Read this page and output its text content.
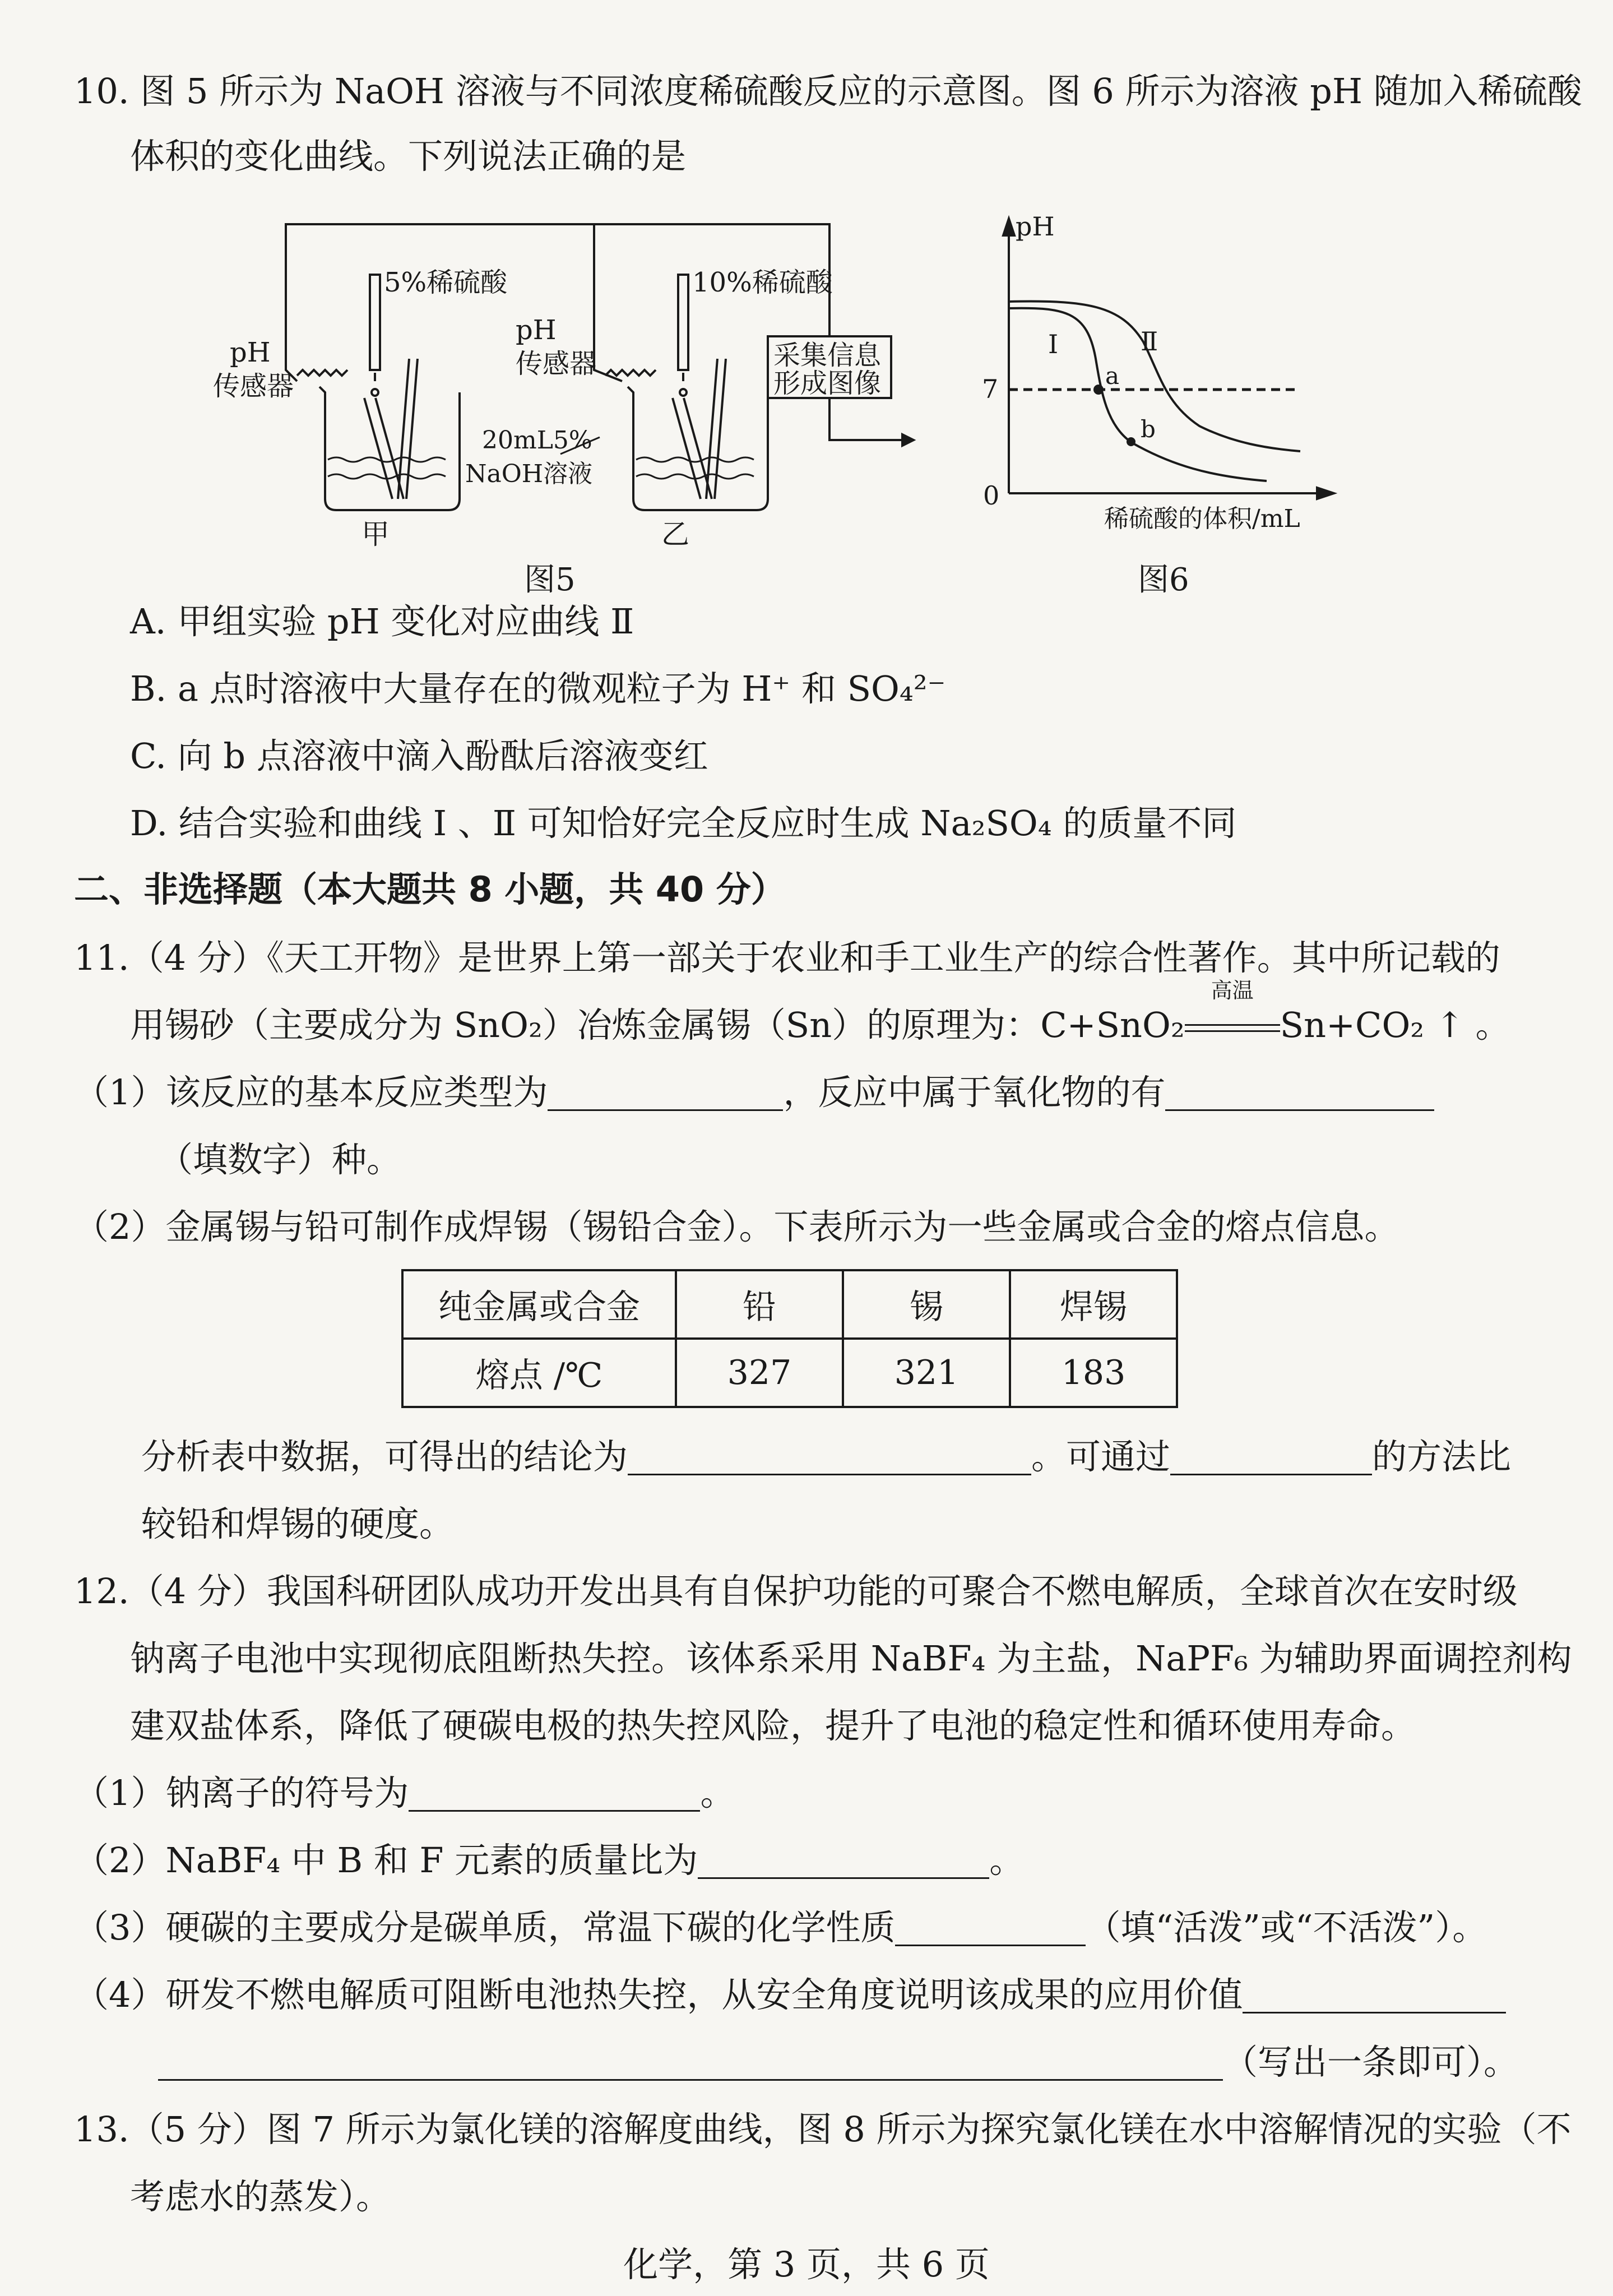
10. 图 5 所示为 NaOH 溶液与不同浓度稀硫酸反应的示意图。图 6 所示为溶液 pH 随加入稀硫酸
体积的变化曲线。下列说法正确的是
5%稀硫酸	10%稀硫酸
pH
传感器
pH
传感器
20mL5%
NaOH溶液
采集信息
形成图像
甲	乙
图5
pH
7
0
稀硫酸的体积/mL
Ⅰ	Ⅱ
a
b
图6
A. 甲组实验 pH 变化对应曲线 Ⅱ
B. a 点时溶液中大量存在的微观粒子为 H⁺ 和 SO₄²⁻
C. 向 b 点溶液中滴入酚酞后溶液变红
D. 结合实验和曲线 Ⅰ 、Ⅱ 可知恰好完全反应时生成 Na₂SO₄ 的质量不同
二、非选择题（本大题共 8 小题，共 40 分）
11.（4 分）《天工开物》是世界上第一部关于农业和手工业生产的综合性著作。其中所记载的
用锡砂（主要成分为 SnO₂）冶炼金属锡（Sn）的原理为：C+SnO₂
高温
Sn+CO₂ ↑ 。
（1）该反应的基本反应类型为	，反应中属于氧化物的有
（填数字）种。
（2）金属锡与铅可制作成焊锡（锡铅合金）。下表所示为一些金属或合金的熔点信息。
纯金属或合金	铅	锡	焊锡
熔点 /℃	327	321	183
分析表中数据，可得出的结论为	。可通过	的方法比
较铅和焊锡的硬度。
12.（4 分）我国科研团队成功开发出具有自保护功能的可聚合不燃电解质，全球首次在安时级
钠离子电池中实现彻底阻断热失控。该体系采用 NaBF₄ 为主盐，NaPF₆ 为辅助界面调控剂构
建双盐体系，降低了硬碳电极的热失控风险，提升了电池的稳定性和循环使用寿命。
（1）钠离子的符号为	。
（2）NaBF₄ 中 B 和 F 元素的质量比为	。
（3）硬碳的主要成分是碳单质，常温下碳的化学性质	（填“活泼”或“不活泼”）。
（4）研发不燃电解质可阻断电池热失控，从安全角度说明该成果的应用价值
（写出一条即可）。
13.（5 分）图 7 所示为氯化镁的溶解度曲线，图 8 所示为探究氯化镁在水中溶解情况的实验（不
考虑水的蒸发）。
化学，第 3 页，共 6 页
